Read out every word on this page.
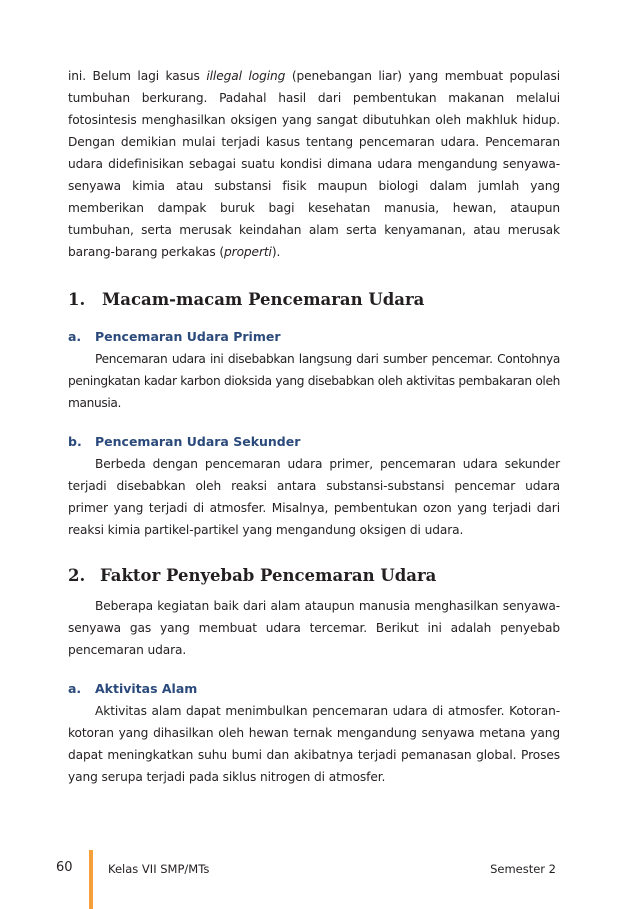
ini. Belum lagi kasus illegal loging (penebangan liar) yang membuat populasi tumbuhan berkurang. Padahal hasil dari pembentukan makanan melalui fotosintesis menghasilkan oksigen yang sangat dibutuhkan oleh makhluk hidup. Dengan demikian mulai terjadi kasus tentang pencemaran udara. Pencemaran udara didefinisikan sebagai suatu kondisi dimana udara mengandung senyawa-senyawa kimia atau substansi fisik maupun biologi dalam jumlah yang memberikan dampak buruk bagi kesehatan manusia, hewan, ataupun tumbuhan, serta merusak keindahan alam serta kenyamanan, atau merusak barang-barang perkakas (properti).

1.	Macam-macam Pencemaran Udara
a.	Pencemaran Udara Primer

Pencemaran udara ini disebabkan langsung dari sumber pencemar. Contohnya peningkatan kadar karbon dioksida yang disebabkan oleh aktivitas pembakaran oleh manusia.

b.	Pencemaran Udara Sekunder

Berbeda dengan pencemaran udara primer, pencemaran udara sekunder terjadi disebabkan oleh reaksi antara substansi-substansi pencemar udara primer yang terjadi di atmosfer. Misalnya, pembentukan ozon yang terjadi dari reaksi kimia partikel-partikel yang mengandung oksigen di udara.

2. Faktor Penyebab Pencemaran Udara

Beberapa kegiatan baik dari alam ataupun manusia menghasilkan senyawa-senyawa gas yang membuat udara tercemar. Berikut ini adalah penyebab pencemaran udara.

a.	Aktivitas Alam

Aktivitas alam dapat menimbulkan pencemaran udara di atmosfer. Kotoran-kotoran yang dihasilkan oleh hewan ternak mengandung senyawa metana yang dapat meningkatkan suhu bumi dan akibatnya terjadi pemanasan global. Proses yang serupa terjadi pada siklus nitrogen di atmosfer.

60	Kelas VII SMP/MTs	Semester 2
